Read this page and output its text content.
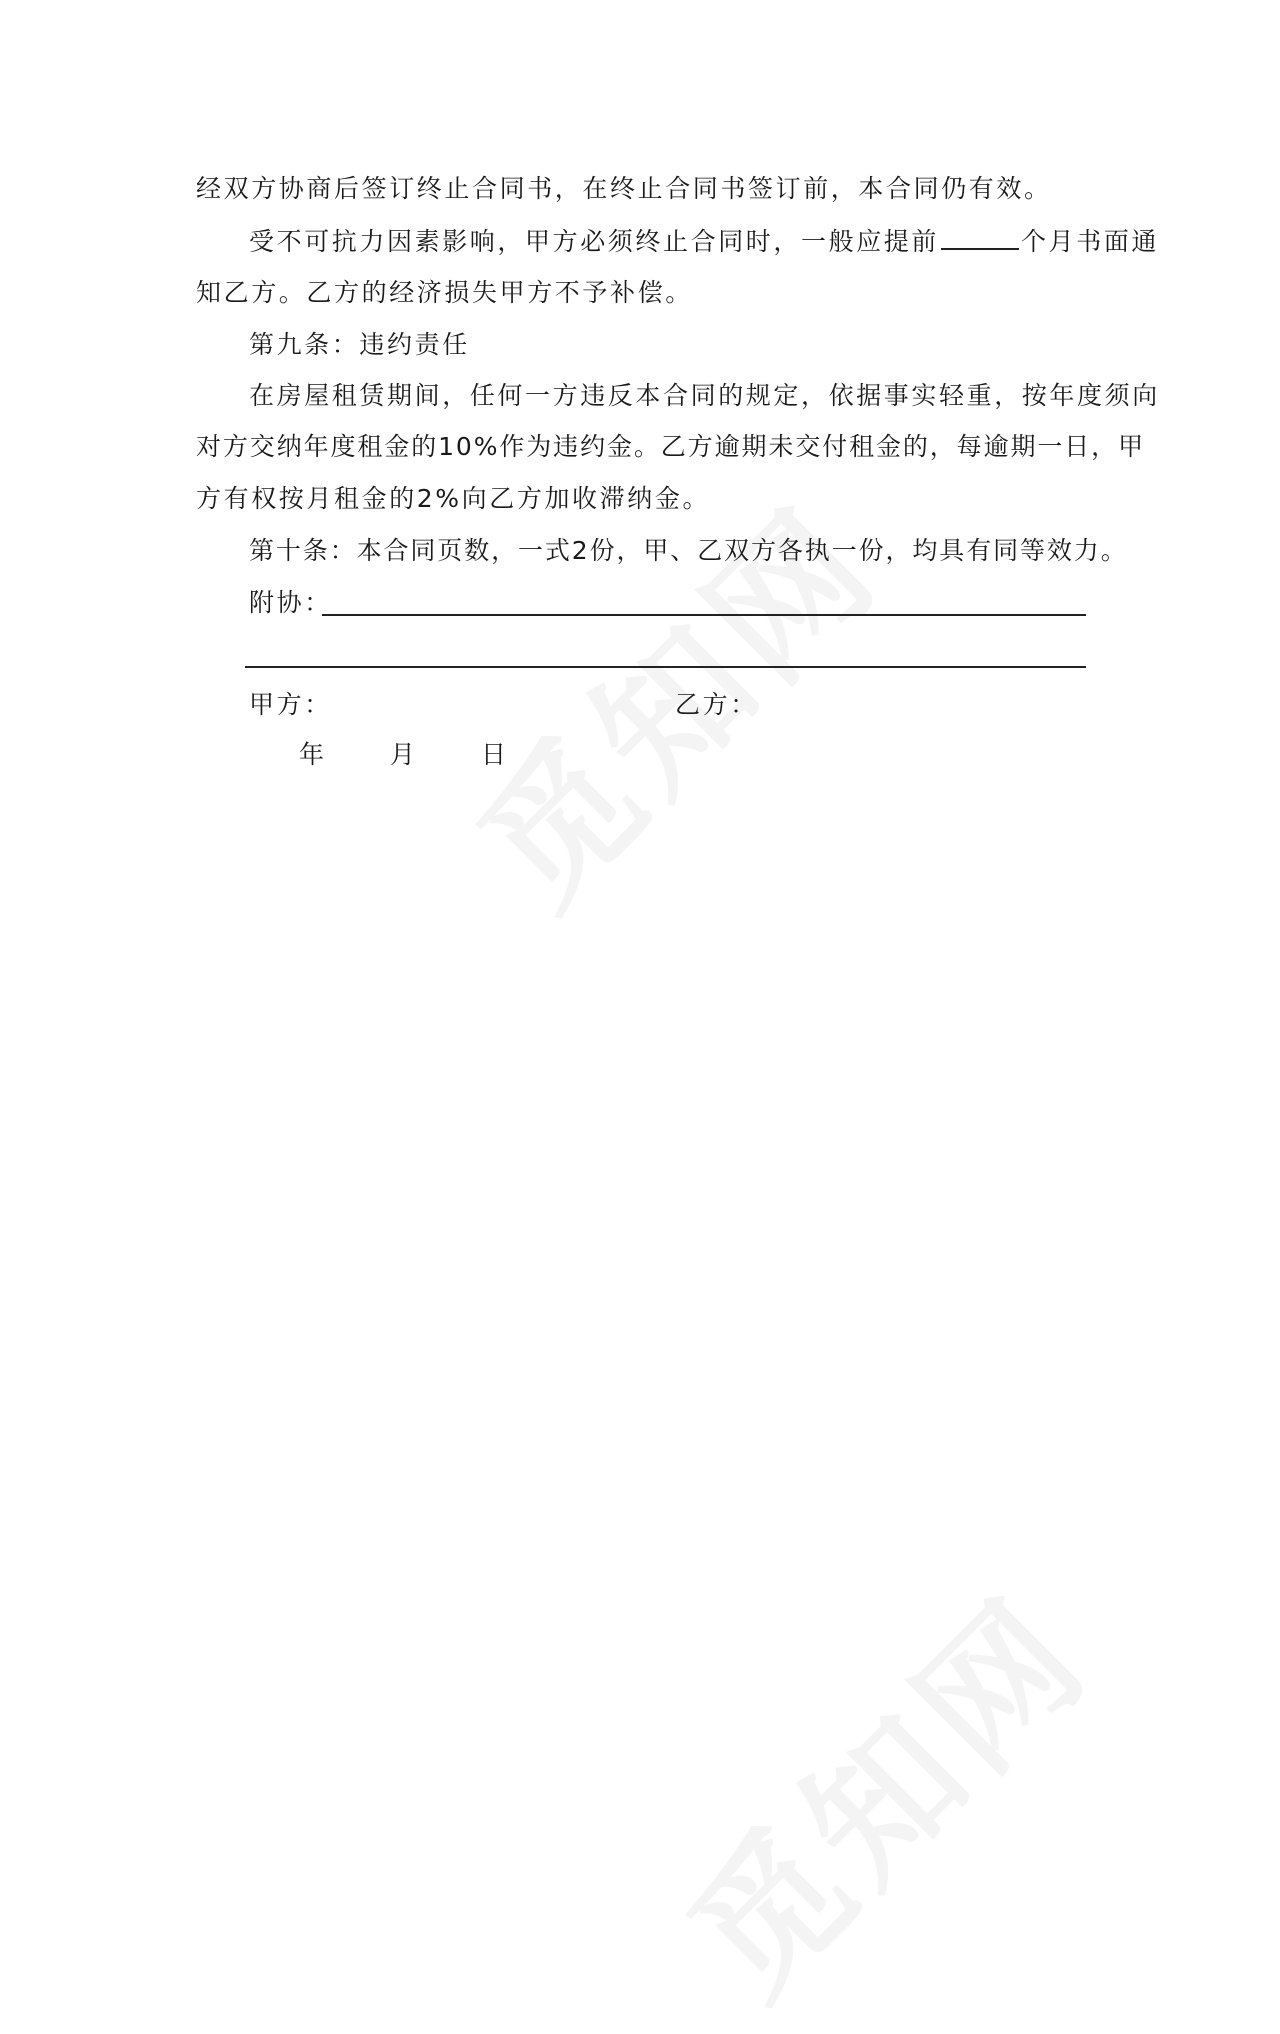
经双方协商后签订终止合同书，在终止合同书签订前，本合同仍有效。
受不可抗力因素影响，甲方必须终止合同时，一般应提前	个月书面通
知乙方。乙方的经济损失甲方不予补偿。
第九条：违约责任
在房屋租赁期间，任何一方违反本合同的规定，依据事实轻重，按年度须向
对方交纳年度租金的10%作为违约金。乙方逾期未交付租金的，每逾期一日，甲
方有权按月租金的2%向乙方加收滞纳金。
第十条：本合同页数，一式2份，甲、乙双方各执一份，均具有同等效力。
附协：
甲方：	乙方：
年	月	日
